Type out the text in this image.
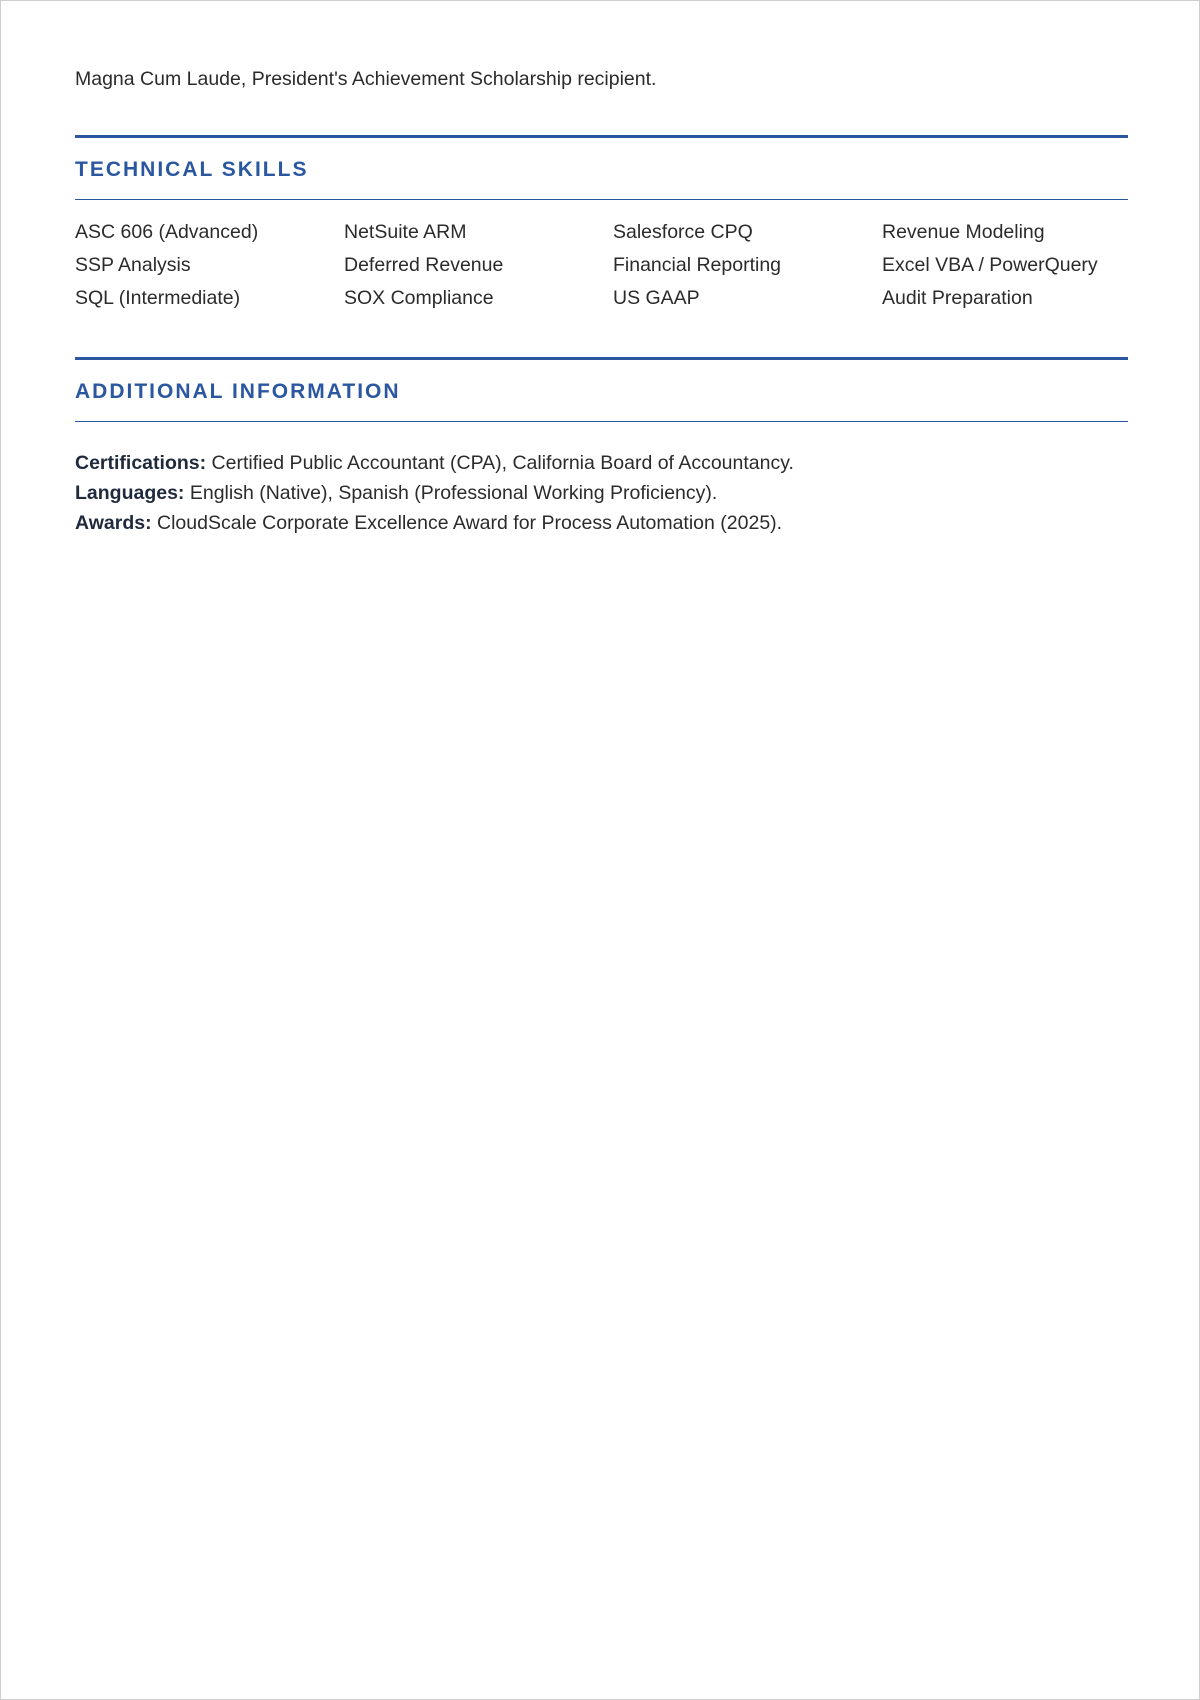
Magna Cum Laude, President's Achievement Scholarship recipient.
TECHNICAL SKILLS
ASC 606 (Advanced)	NetSuite ARM	Salesforce CPQ	Revenue Modeling
SSP Analysis	Deferred Revenue	Financial Reporting	Excel VBA / PowerQuery
SQL (Intermediate)	SOX Compliance	US GAAP	Audit Preparation
ADDITIONAL INFORMATION
Certifications: Certified Public Accountant (CPA), California Board of Accountancy.
Languages: English (Native), Spanish (Professional Working Proficiency).
Awards: CloudScale Corporate Excellence Award for Process Automation (2025).
